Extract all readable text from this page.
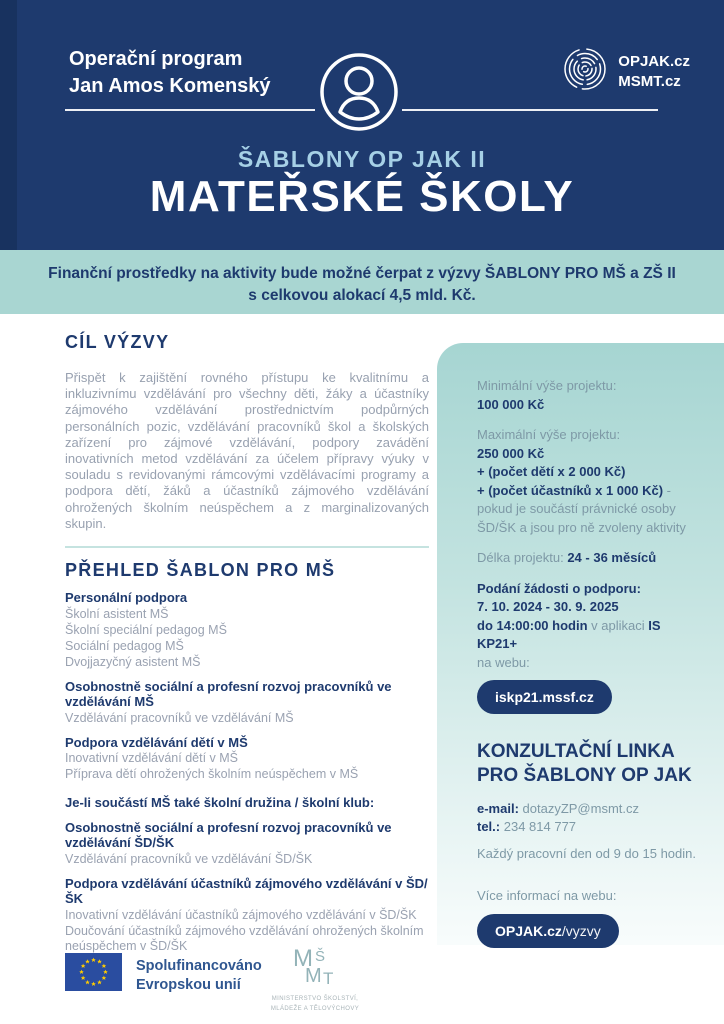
Operační program
Jan Amos Komenský
OPJAK.cz
MSMT.cz
ŠABLONY OP JAK II
MATEŘSKÉ ŠKOLY
Finanční prostředky na aktivity bude možné čerpat z výzvy ŠABLONY PRO MŠ a ZŠ II
s celkovou alokací 4,5 mld. Kč.
CÍL VÝZVY

Přispět k zajištění rovného přístupu ke kvalitnímu a inkluzivnímu vzdělávání pro všechny děti, žáky a účastníky zájmového vzdělávání prostřednictvím podpůrných personálních pozic, vzdělávání pracovníků škol a školských zařízení pro zájmové vzdělávání, podpory zavádění inovativních metod vzdělávání za účelem přípravy výuky v souladu s revidovanými rámcovými vzdělávacími programy a podpora dětí, žáků a účastníků zájmového vzdělávání ohrožených školním neúspěchem a z marginalizovaných skupin.

PŘEHLED ŠABLON PRO MŠ
Personální podpora
Školní asistent MŠ
Školní speciální pedagog MŠ
Sociální pedagog MŠ
Dvojjazyčný asistent MŠ
Osobnostně sociální a profesní rozvoj pracovníků ve vzdělávání MŠ
Vzdělávání pracovníků ve vzdělávání MŠ
Podpora vzdělávání dětí v MŠ
Inovativní vzdělávání dětí v MŠ
Příprava dětí ohrožených školním neúspěchem v MŠ
Je-li součástí MŠ také školní družina / školní klub:
Osobnostně sociální a profesní rozvoj pracovníků ve vzdělávání ŠD/ŠK
Vzdělávání pracovníků ve vzdělávání ŠD/ŠK
Podpora vzdělávání účastníků zájmového vzdělávání v ŠD/ŠK
Inovativní vzdělávání účastníků zájmového vzdělávání v ŠD/ŠK
Doučování účastníků zájmového vzdělávání ohrožených školním neúspěchem v ŠD/ŠK
Minimální výše projektu:
100 000 Kč
Maximální výše projektu:
250 000 Kč
+ (počet dětí x 2 000 Kč)
+ (počet účastníků x 1 000 Kč) - pokud je součástí právnické osoby ŠD/ŠK a jsou pro ně zvoleny aktivity
Délka projektu: 24 - 36 měsíců
Podání žádosti o podporu:
7. 10. 2024 - 30. 9. 2025
do 14:00:00 hodin v aplikaci IS KP21+
na webu:
iskp21.mssf.cz
KONZULTAČNÍ LINKA
PRO ŠABLONY OP JAK
e-mail: dotazyZP@msmt.cz
tel.: 234 814 777
Každý pracovní den od 9 do 15 hodin.
Více informací na webu:
OPJAK.cz/vyzvy
Spolufinancováno
Evropskou unií
M Š
M T
MINISTERSTVO ŠKOLSTVÍ,
MLÁDEŽE A TĚLOVÝCHOVY
